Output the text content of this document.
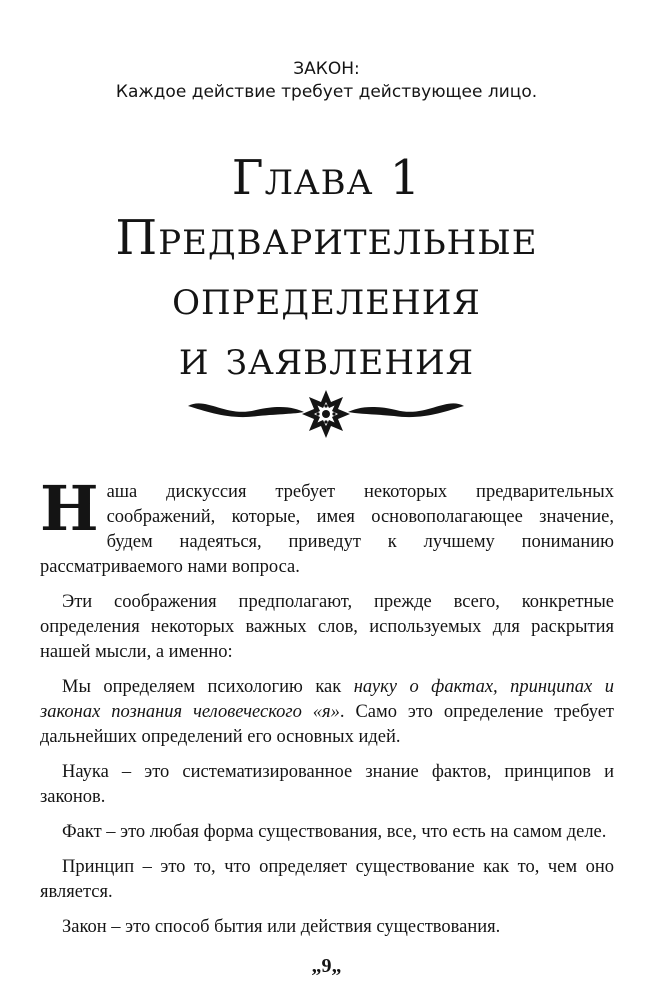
ЗАКОН:
Каждое действие требует действующее лицо.
Глава 1
Предварительные
определения
и заявления

Наша дискуссия требует некоторых предварительных соображений, которые, имея основополагающее значение, будем надеяться, приведут к лучшему пониманию рассматриваемого нами вопроса.

Эти соображения предполагают, прежде всего, конкретные определения некоторых важных слов, используемых для раскрытия нашей мысли, а именно:

Мы определяем психологию как науку о фактах, принципах и законах познания человеческого «я». Само это определение требует дальнейших определений его основных идей.

Наука – это систематизированное знание фактов, принципов и законов.

Факт – это любая форма существования, все, что есть на самом деле.

Принцип – это то, что определяет существование как то, чем оно является.

Закон – это способ бытия или действия существования.

„9„
